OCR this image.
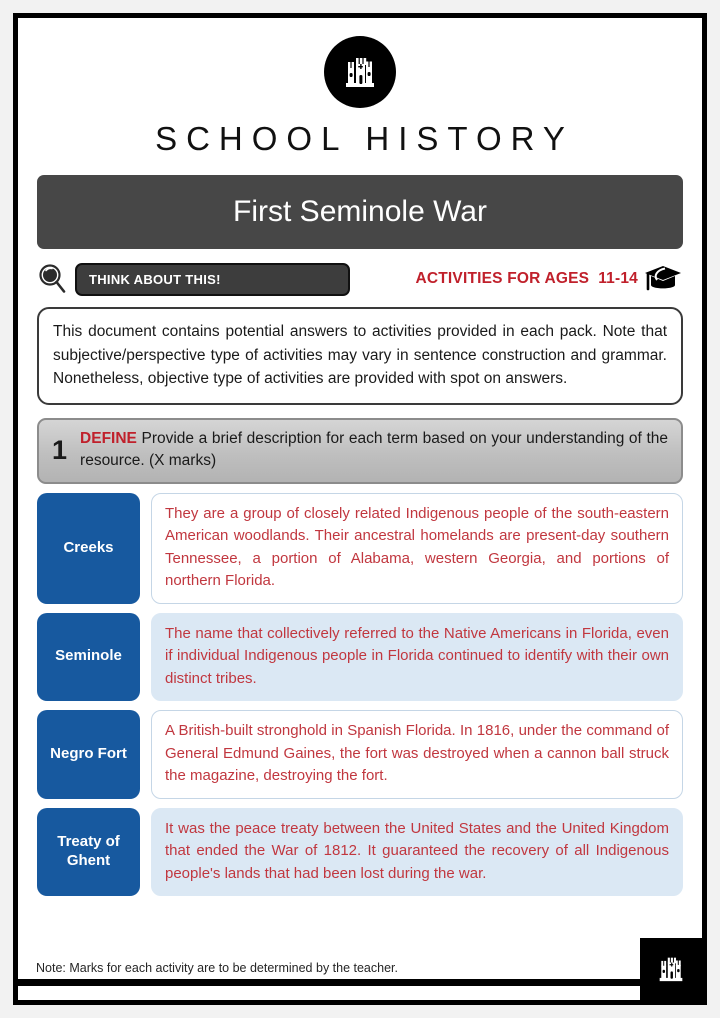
SCHOOL HISTORY
First Seminole War
THINK ABOUT THIS!	ACTIVITIES FOR AGES  11-14
This document contains potential answers to activities provided in each pack. Note that subjective/perspective type of activities may vary in sentence construction and grammar. Nonetheless, objective type of activities are provided with spot on answers.
1 DEFINE Provide a brief description for each term based on your understanding of the resource. (X marks)
Creeks
They are a group of closely related Indigenous people of the south-eastern American woodlands. Their ancestral homelands are present-day southern Tennessee, a portion of Alabama, western Georgia, and portions of northern Florida.
Seminole
The name that collectively referred to the Native Americans in Florida, even if individual Indigenous people in Florida continued to identify with their own distinct tribes.
Negro Fort
A British-built stronghold in Spanish Florida. In 1816, under the command of General Edmund Gaines, the fort was destroyed when a cannon ball struck the magazine, destroying the fort.
Treaty of Ghent
It was the peace treaty between the United States and the United Kingdom that ended the War of 1812. It guaranteed the recovery of all Indigenous people's lands that had been lost during the war.
Note: Marks for each activity are to be determined by the teacher.
